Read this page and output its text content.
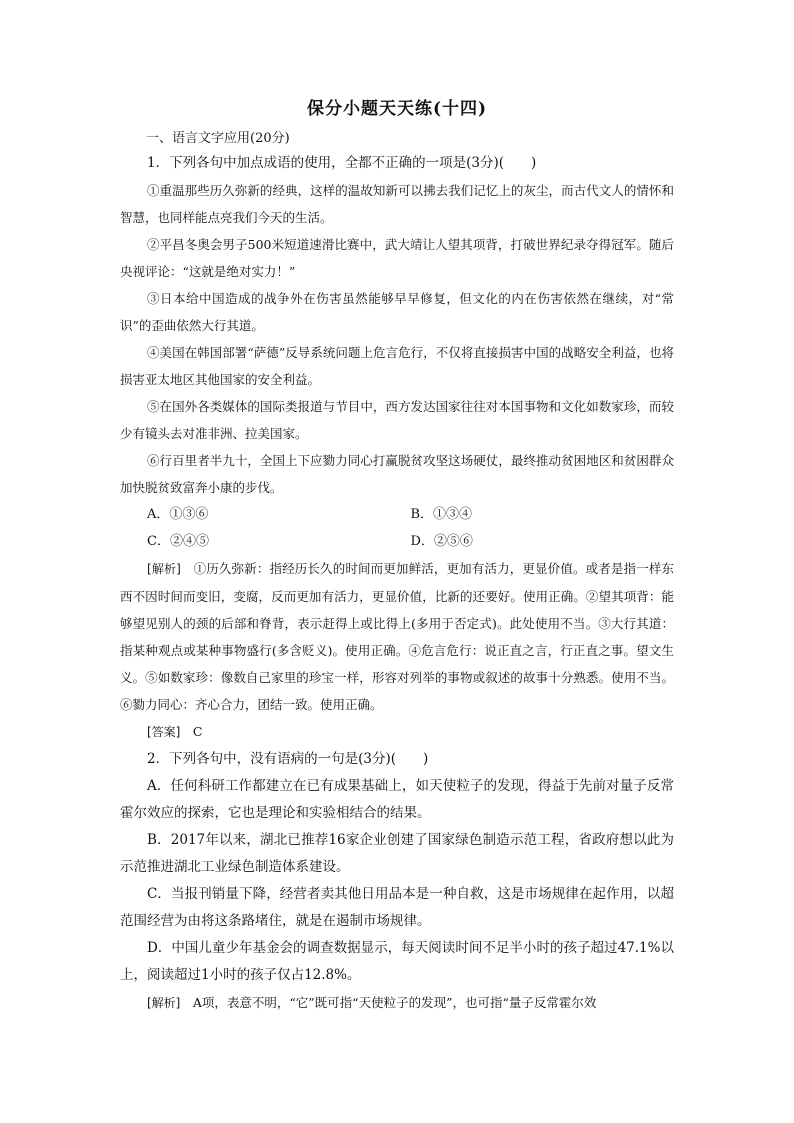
保分小题天天练(十四)
一、语言文字应用(20分)
1．下列各句中加点成语的使用，全都不正确的一项是(3分)(　　)
①重温那些历久弥新的经典，这样的温故知新可以拂去我们记忆上的灰尘，而古代文人的情怀和智慧，也同样能点亮我们今天的生活。
②平昌冬奥会男子500米短道速滑比赛中，武大靖让人望其项背，打破世界纪录夺得冠军。随后央视评论：“这就是绝对实力！”
③日本给中国造成的战争外在伤害虽然能够早早修复，但文化的内在伤害依然在继续，对“常识”的歪曲依然大行其道。
④美国在韩国部署“萨德”反导系统问题上危言危行，不仅将直接损害中国的战略安全利益，也将损害亚太地区其他国家的安全利益。
⑤在国外各类媒体的国际类报道与节目中，西方发达国家往往对本国事物和文化如数家珍，而较少有镜头去对准非洲、拉美国家。
⑥行百里者半九十，全国上下应勠力同心打赢脱贫攻坚这场硬仗，最终推动贫困地区和贫困群众加快脱贫致富奔小康的步伐。
A．①③⑥	B．①③④
C．②④⑤	D．②⑤⑥
[解析]　①历久弥新：指经历长久的时间而更加鲜活，更加有活力，更显价值。或者是指一样东西不因时间而变旧，变腐，反而更加有活力，更显价值，比新的还要好。使用正确。②望其项背：能够望见别人的颈的后部和脊背，表示赶得上或比得上(多用于否定式)。此处使用不当。③大行其道：指某种观点或某种事物盛行(多含贬义)。使用正确。④危言危行：说正直之言，行正直之事。望文生义。⑤如数家珍：像数自己家里的珍宝一样，形容对列举的事物或叙述的故事十分熟悉。使用不当。⑥勠力同心：齐心合力，团结一致。使用正确。
[答案]　C
2．下列各句中，没有语病的一句是(3分)(　　)
A．任何科研工作都建立在已有成果基础上，如天使粒子的发现，得益于先前对量子反常霍尔效应的探索，它也是理论和实验相结合的结果。
B．2017年以来，湖北已推荐16家企业创建了国家绿色制造示范工程，省政府想以此为示范推进湖北工业绿色制造体系建设。
C．当报刊销量下降，经营者卖其他日用品本是一种自救，这是市场规律在起作用，以超范围经营为由将这条路堵住，就是在遏制市场规律。
D．中国儿童少年基金会的调查数据显示，每天阅读时间不足半小时的孩子超过47.1%以上，阅读超过1小时的孩子仅占12.8%。
[解析]　A项，表意不明，“它”既可指“天使粒子的发现”，也可指“量子反常霍尔效
